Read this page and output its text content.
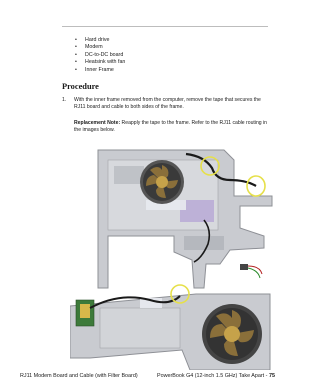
• Hard drive
• Modem
• DC-to-DC board
• Heatsink with fan
• Inner Frame
Procedure
1. With the inner frame removed from the computer, remove the tape that secures the RJ11 board and cable to both sides of the frame.
Replacement Note: Reapply the tape to the frame. Refer to the RJ11 cable routing in the images below.
RJ11 Modem Board and Cable (with Filter Board)	PowerBook G4 (12-inch 1.5 GHz) Take Apart - 75
